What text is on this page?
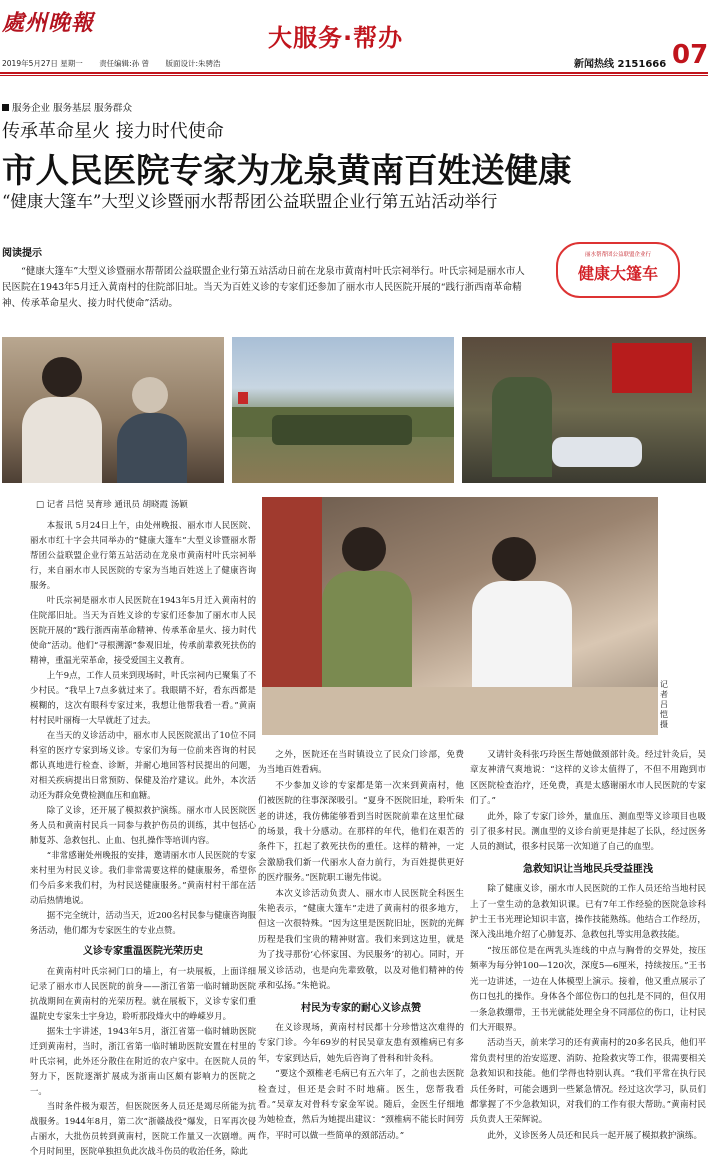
處州晚報
大服务·帮办
07
2019年5月27日 星期一 责任编辑:孙 曾 版面设计:朱骋浩	新闻热线 2151666
服务企业 服务基层 服务群众
传承革命星火 接力时代使命
市人民医院专家为龙泉黄南百姓送健康
“健康大篷车”大型义诊暨丽水帮帮团公益联盟企业行第五站活动举行
阅读提示
“健康大篷车”大型义诊暨丽水帮帮团公益联盟企业行第五站活动日前在龙泉市黄南村叶氏宗祠举行。叶氏宗祠是丽水市人民医院在1943年5月迁入黄南村的住院部旧址。当天为百姓义诊的专家们还参加了丽水市人民医院开展的“践行浙西南革命精神、传承革命星火、接力时代使命”活动。
丽水帮帮团公益联盟企业行
健康大篷车
记者 吕恺 摄
□ 记者 吕恺 吴育珍 通讯员 胡晓霞 汤颖

本报讯 5月24日上午，由处州晚报、丽水市人民医院、丽水市红十字会共同举办的“健康大篷车”大型义诊暨丽水帮帮团公益联盟企业行第五站活动在龙泉市黄南村叶氏宗祠举行，来自丽水市人民医院的专家为当地百姓送上了健康咨询服务。

叶氏宗祠是丽水市人民医院在1943年5月迁入黄南村的住院部旧址。当天为百姓义诊的专家们还参加了丽水市人民医院开展的“践行浙西南革命精神、传承革命星火、接力时代使命”活动。他们“寻根溯源”参观旧址，传承前辈救死扶伤的精神，重温光荣革命，接受爱国主义教育。

上午9点，工作人员来到现场时，叶氏宗祠内已聚集了不少村民。“我早上7点多就过来了。我眼睛不好，看东西都是模糊的，这次有眼科专家过来，我想让他帮我看一看。”黄南村村民叶丽梅一大早就赶了过去。

在当天的义诊活动中，丽水市人民医院派出了10位不同科室的医疗专家到场义诊。专家们为每一位前来咨询的村民都认真地进行检查、诊断，并耐心地回答村民提出的问题，对相关疾病提出日常预防、保健及治疗建议。此外，本次活动还为群众免费检测血压和血糖。

除了义诊，还开展了模拟救护演练。丽水市人民医院医务人员和黄南村民兵一同参与救护伤员的训练，其中包括心肺复苏、急救包扎、止血、包扎操作等培训内容。

“非常感谢处州晚报的安排，邀请丽水市人民医院的专家来村里为村民义诊。我们非常需要这样的健康服务，希望你们今后多来我们村，为村民送健康服务。”黄南村村干部在活动后热情地说。

据不完全统计，活动当天，近200名村民参与健康咨询服务活动，他们都为专家医生的专业点赞。

义诊专家重温医院光荣历史

在黄南村叶氏宗祠门口的墙上，有一块展板，上面详细记录了丽水市人民医院的前身——浙江省第一临时辅助医院抗战期间在黄南村的光荣历程。就在展板下，义诊专家们重温院史专家朱士宇身边，聆听那段烽火中的峥嵘岁月。

据朱士宇讲述，1943年5月，浙江省第一临时辅助医院迁到黄南村，当时，浙江省第一临时辅助医院安置在村里的叶氏宗祠，此外还分散住在附近的农户家中。在医院人员的努力下，医院逐渐扩展成为浙南山区颇有影响力的医院之一。

当时条件极为艰苦，但医院医务人员还是竭尽所能为抗战服务。1944年8月，第二次“浙赣战役”爆发，日军再次侵占丽水，大批伤员转到黄南村，医院工作量又一次剧增。两个月时间里，医院单独担负此次战斗伤员的收治任务，除此

之外，医院还在当时镇设立了民众门诊部，免费为当地百姓看病。

不少参加义诊的专家都是第一次来到黄南村，他们被医院的往事深深吸引。“夏身不医院旧址，聆听朱老的讲述，我仿佛能够看到当时医院前辈在这里忙碌的场景，我十分感动。在那样的年代，他们在艰苦的条件下，扛起了救死扶伤的重任。这样的精神，一定会激励我们新一代丽水人奋力前行，为百姓提供更好的医疗服务。”医院职工谢先伟说。

本次义诊活动负责人、丽水市人民医院全科医生朱艳表示，“健康大篷车”走进了黄南村的很多地方，但这一次很特殊。“因为这里是医院旧址，医院的光辉历程是我们宝贵的精神财富。我们来到这边里，就是为了找寻那份‘心怀家国、为民服务’的初心。同时，开展义诊活动，也是向先辈致敬，以及对他们精神的传承和弘扬。”朱艳说。

村民为专家的耐心义诊点赞

在义诊现场，黄南村村民都十分珍惜这次难得的专家门诊。今年69岁的村民吴章友患有颈椎病已有多年，专家到达后，她先后咨询了骨科和针灸科。

“要这个颈椎老毛病已有五六年了，之前也去医院检查过，但还是会时不时地痛。医生，您帮我看看。”吴章友对骨科专家金军说。随后，金医生仔细地为她检查，然后为她提出建议：“颈椎病不能长时间劳作，平时可以做一些简单的颈部活动。”

又请针灸科张巧玲医生帮她做颈部针灸。经过针灸后，吴章友神清气爽地说：“这样的义诊太值得了，不但不用跑到市区医院检查治疗，还免费，真是太感谢丽水市人民医院的专家们了。”

此外，除了专家门诊外，量血压、测血型等义诊项目也吸引了很多村民。测血型的义诊台前更是排起了长队，经过医务人员的测试，很多村民第一次知道了自己的血型。

急救知识让当地民兵受益匪浅

除了健康义诊，丽水市人民医院的工作人员还给当地村民上了一堂生动的急救知识课。已有7年工作经验的医院急诊科护士王书光理论知识丰富，操作技能熟练。他结合工作经历，深入浅出地介绍了心肺复苏、急救包扎等实用急救技能。

“按压部位是在两乳头连线的中点与胸骨的交界处，按压频率为每分钟100—120次，深度5—6厘米，持续按压。”王书光一边讲述，一边在人体模型上演示。接着，他又重点展示了伤口包扎的操作。身体各个部位伤口的包扎是不同的，但仅用一条急救绷带，王书光就能处理全身不同部位的伤口，让村民们大开眼界。

活动当天，前来学习的还有黄南村的20多名民兵，他们平常负责村里的治安巡逻、消防、抢险救灾等工作，很需要相关急救知识和技能。他们学得也特别认真。“我们平常在执行民兵任务时，可能会遇到一些紧急情况。经过这次学习，队员们都掌握了不少急救知识，对我们的工作有很大帮助。”黄南村民兵负责人王荣辉说。

此外，义诊医务人员还和民兵一起开展了模拟救护演练。
